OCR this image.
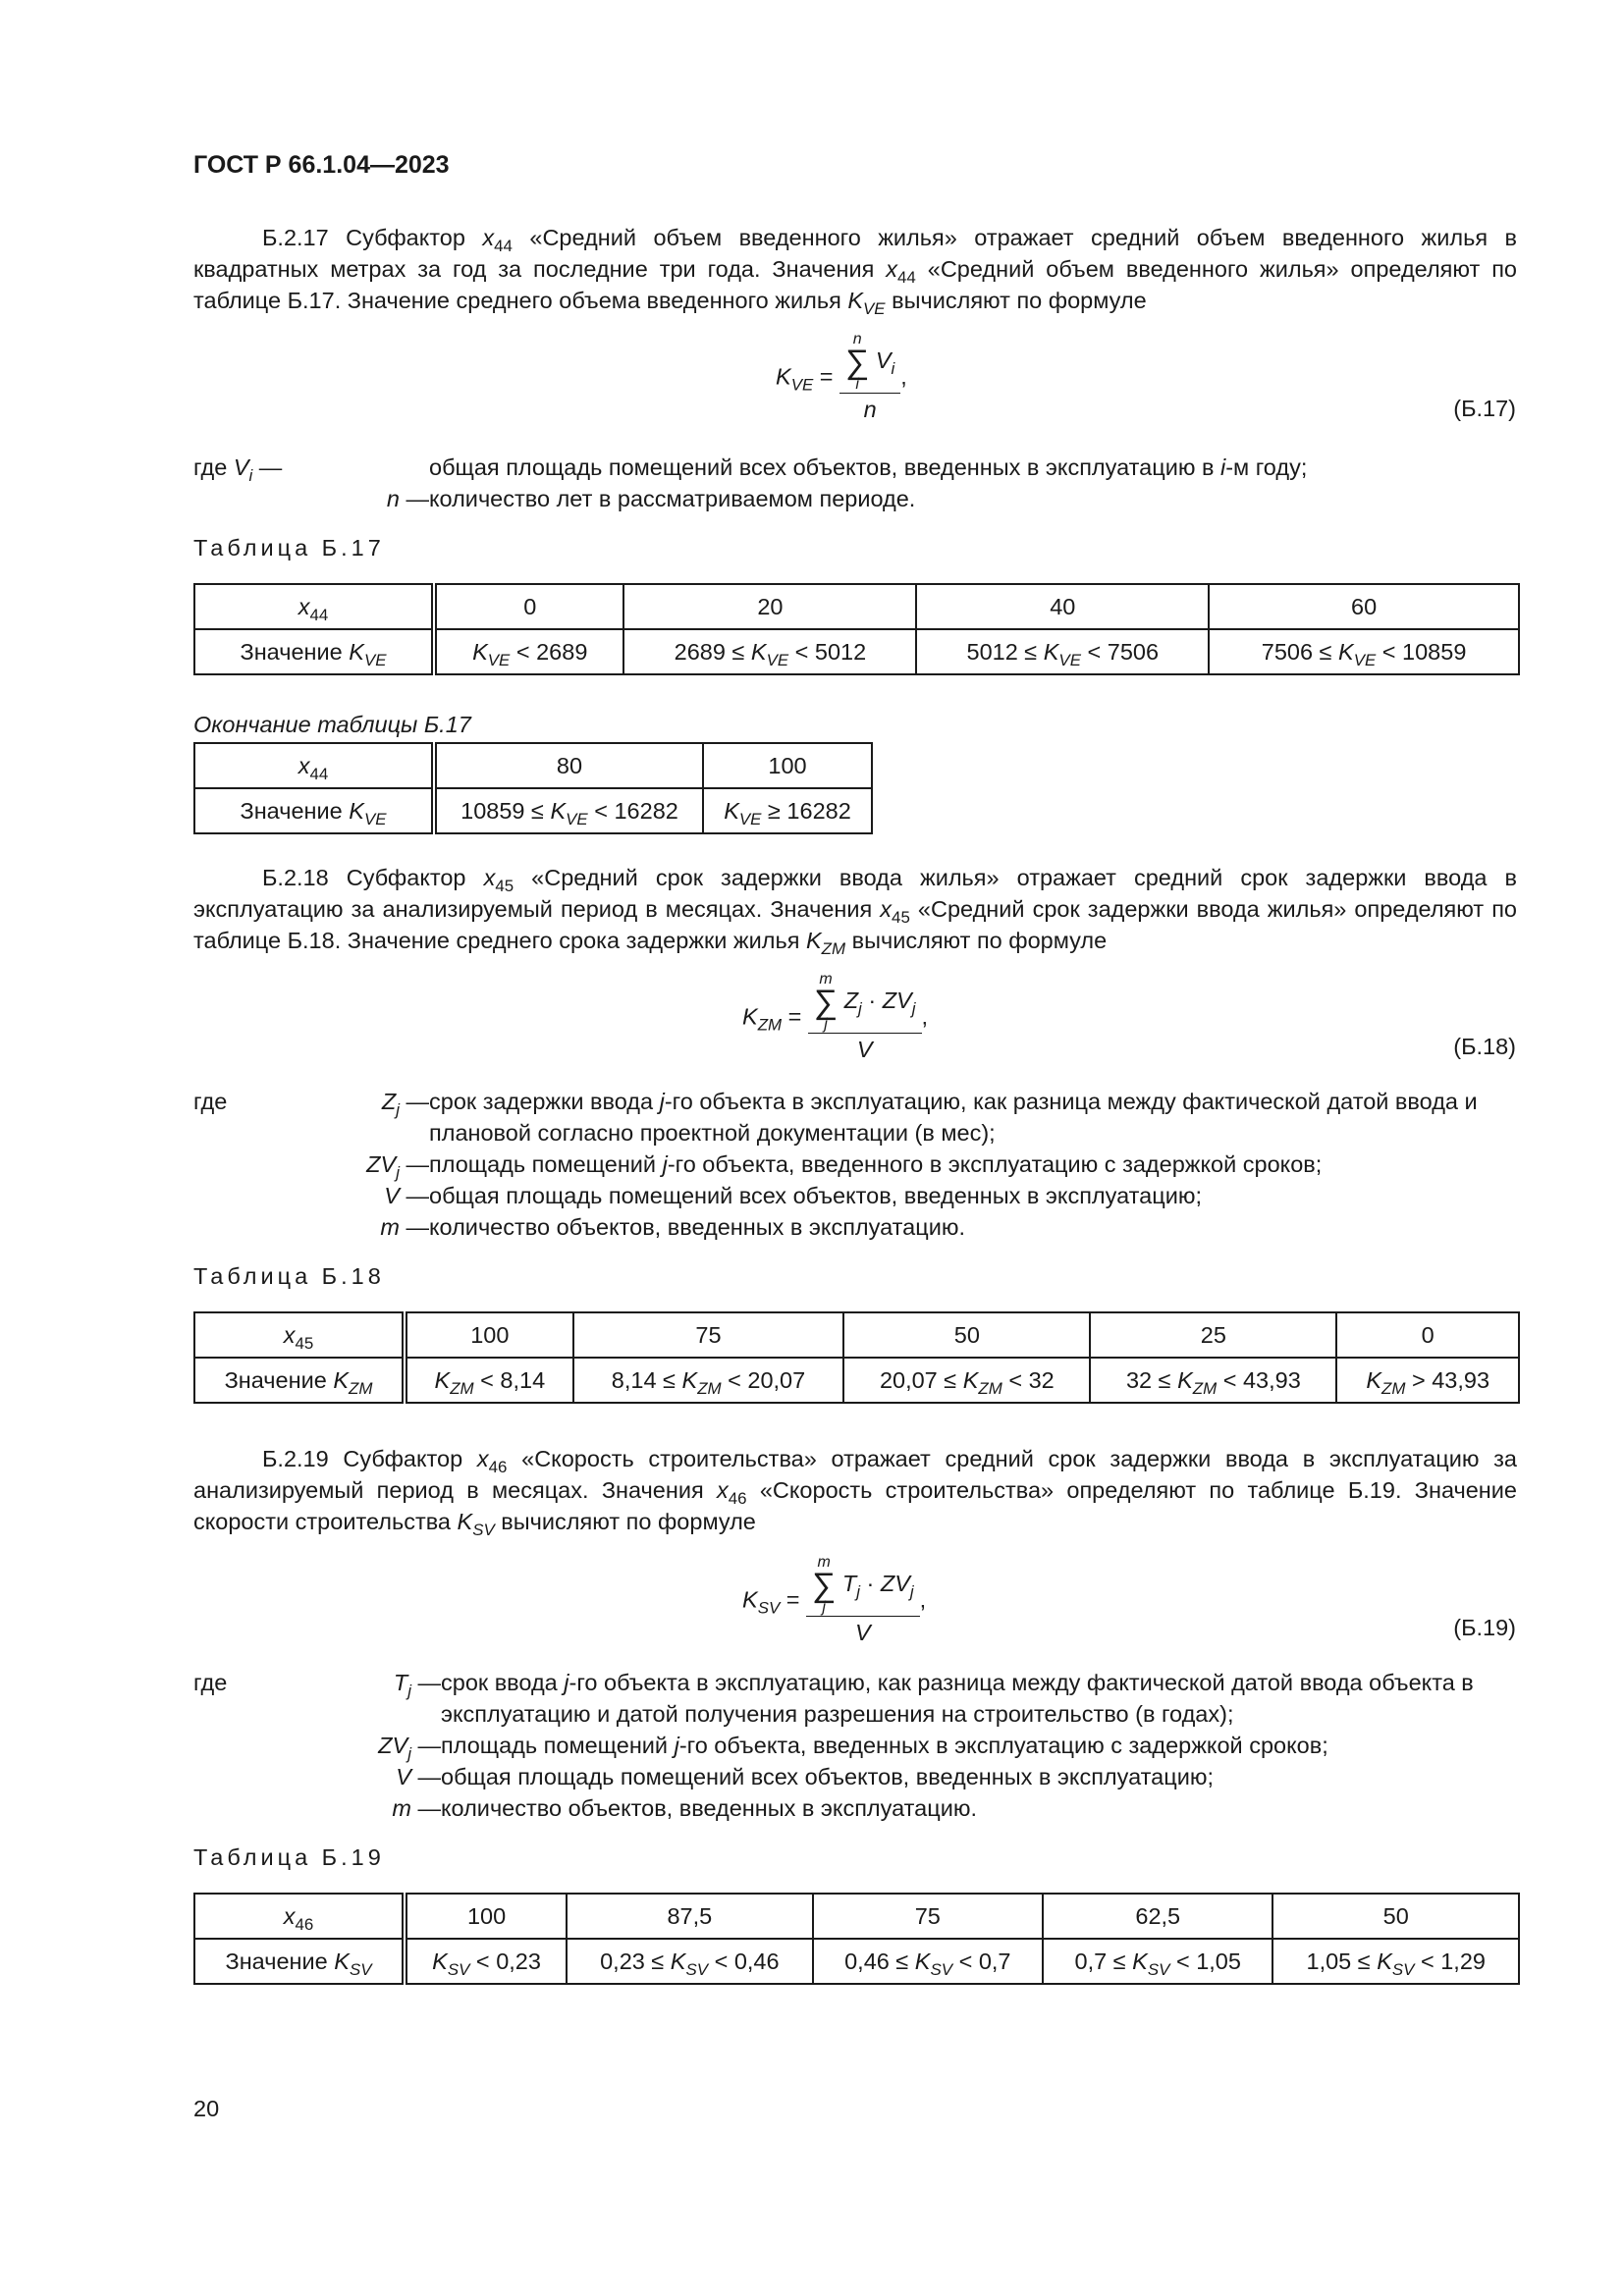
ГОСТ Р 66.1.04—2023
Б.2.17 Субфактор $x_{44}$ «Средний объем введенного жилья» отражает средний объем введенного жилья в квадратных метрах за год за последние три года. Значения $x_{44}$ «Средний объем введенного жилья» определяют по таблице Б.17. Значение среднего объема введенного жилья $K_{VE}$ вычисляют по формуле
$K_{VE} = n$
∑
i
$V_i$
n ,
(Б.17)
где $V_i$ —	общая площадь помещений всех объектов, введенных в эксплуатацию в i-м году;
n — количество лет в рассматриваемом периоде.
Таблица Б.17
$x_{44}$	0	20	40	60
Значение $K_{VE}$	$K_{VE} < 2689$	$2689 \le K_{VE} < 5012$	$5012 \le K_{VE} < 7506$	$7506 \le K_{VE} < 10859$
Окончание таблицы Б.17
$x_{44}$	80	100
Значение $K_{VE}$	$10859 \le K_{VE} < 16282$	$K_{VE} \ge 16282$
Б.2.18 Субфактор $x_{45}$ «Средний срок задержки ввода жилья» отражает средний срок задержки ввода в эксплуатацию за анализируемый период в месяцах. Значения $x_{45}$ «Средний срок задержки ввода жилья» определяют по таблице Б.18. Значение среднего срока задержки жилья $K_{ZM}$ вычисляют по формуле
$K_{ZM} = m$
∑
j
$Z_j \cdot ZV_j$
V ,
(Б.18)
где	$Z_j$ — срок задержки ввода j-го объекта в эксплуатацию, как разница между фактической датой ввода и плановой согласно проектной документации (в мес);
$ZV_j$ — площадь помещений j-го объекта, введенного в эксплуатацию с задержкой сроков;
V — общая площадь помещений всех объектов, введенных в эксплуатацию;
m — количество объектов, введенных в эксплуатацию.
Таблица Б.18
$x_{45}$	100	75	50	25	0
Значение $K_{ZM}$	$K_{ZM} < 8,14$	$8,14 \le K_{ZM} < 20,07$	$20,07 \le K_{ZM} < 32$	$32 \le K_{ZM} < 43,93$	$K_{ZM} > 43,93$
Б.2.19 Субфактор $x_{46}$ «Скорость строительства» отражает средний срок задержки ввода в эксплуатацию за анализируемый период в месяцах. Значения $x_{46}$ «Скорость строительства» определяют по таблице Б.19. Значение скорости строительства $K_{SV}$ вычисляют по формуле
$K_{SV} = m$
∑
j
$T_j \cdot ZV_j$
V ,
(Б.19)
где	$T_j$ — срок ввода j-го объекта в эксплуатацию, как разница между фактической датой ввода объекта в эксплуатацию и датой получения разрешения на строительство (в годах);
$ZV_j$ — площадь помещений j-го объекта, введенных в эксплуатацию с задержкой сроков;
V — общая площадь помещений всех объектов, введенных в эксплуатацию;
m — количество объектов, введенных в эксплуатацию.
Таблица Б.19
$x_{46}$	100	87,5	75	62,5	50
Значение $K_{SV}$	$K_{SV} < 0,23$	$0,23 \le K_{SV} < 0,46$	$0,46 \le K_{SV} < 0,7$	$0,7 \le K_{SV} < 1,05$	$1,05 \le K_{SV} < 1,29$
20
